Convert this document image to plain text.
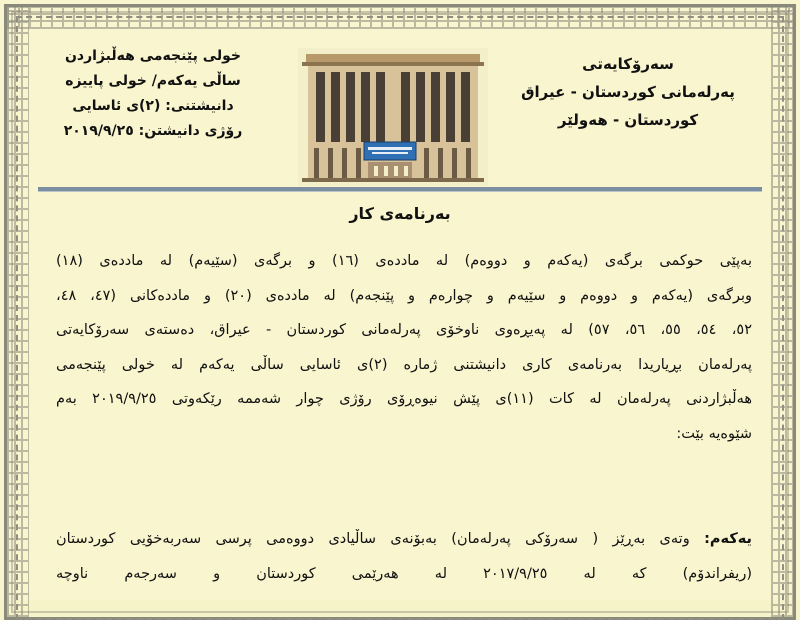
سەرۆکایەتی
پەرلەمانی کوردستان - عیراق
کوردستان - هەولێر
خولی پێنجەمی هەڵبژاردن
ساڵی یەکەم/ خولی پاییزە
دانیشتنی: (٢)ی ئاسایی
رۆژی دانیشتن: ٢٠١٩/٩/٢٥
بەرنامەی کار
بەپێی حوکمی برگەی (یەکەم و دووەم) لە ماددەی (١٦) و برگەی (سێیەم) لە ماددەی (١٨)
وبرگەی (یەکەم و دووەم و سێیەم و چوارەم و پێنجەم) لە ماددەی (٢٠) و ماددەکانی (٤٧، ٤٨،
٥٢، ٥٤، ٥٥، ٥٦، ٥٧) لە پەیڕەوی ناوخۆی پەرلەمانی کوردستان - عیراق، دەستەی سەرۆکایەتی
پەرلەمان بڕیاریدا بەرنامەی کاری دانیشتنی ژمارە (٢)ی ئاسایی ساڵی یەکەم لە خولی پێنجەمی
هەڵبژاردنی پەرلەمان لە کات (١١)ی پێش نیوەڕۆی رۆژی چوار شەممە رێکەوتی ٢٠١٩/٩/٢٥ بەم
شێوەیە بێت:
یەکەم: وتەی بەڕێز ( سەرۆکی پەرلەمان) بەبۆنەی ساڵیادی دووەمی پرسی سەربەخۆیی کوردستان
(ریفراندۆم) کە لە ٢٠١٧/٩/٢٥ لە هەرێمی کوردستان و سەرجەم ناوچە
